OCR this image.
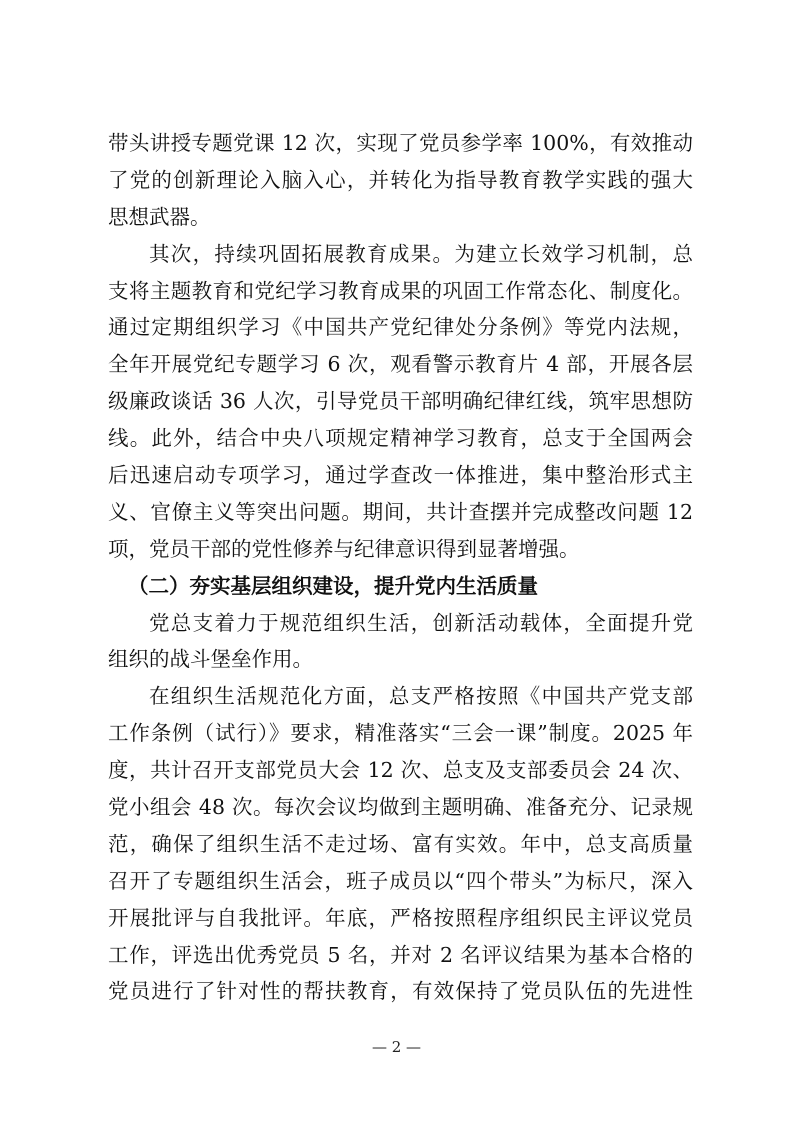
带头讲授专题党课 12 次，实现了党员参学率 100%，有效推动
了党的创新理论入脑入心，并转化为指导教育教学实践的强大
思想武器。
其次，持续巩固拓展教育成果。为建立长效学习机制，总
支将主题教育和党纪学习教育成果的巩固工作常态化、制度化。
通过定期组织学习《中国共产党纪律处分条例》等党内法规，
全年开展党纪专题学习 6 次，观看警示教育片 4 部，开展各层
级廉政谈话 36 人次，引导党员干部明确纪律红线，筑牢思想防
线。此外，结合中央八项规定精神学习教育，总支于全国两会
后迅速启动专项学习，通过学查改一体推进，集中整治形式主
义、官僚主义等突出问题。期间，共计查摆并完成整改问题 12
项，党员干部的党性修养与纪律意识得到显著增强。
（二）夯实基层组织建设，提升党内生活质量
党总支着力于规范组织生活，创新活动载体，全面提升党
组织的战斗堡垒作用。
在组织生活规范化方面，总支严格按照《中国共产党支部
工作条例（试行）》要求，精准落实“三会一课”制度。2025 年
度，共计召开支部党员大会 12 次、总支及支部委员会 24 次、
党小组会 48 次。每次会议均做到主题明确、准备充分、记录规
范，确保了组织生活不走过场、富有实效。年中，总支高质量
召开了专题组织生活会，班子成员以“四个带头”为标尺，深入
开展批评与自我批评。年底，严格按照程序组织民主评议党员
工作，评选出优秀党员 5 名，并对 2 名评议结果为基本合格的
党员进行了针对性的帮扶教育，有效保持了党员队伍的先进性
— 2 —
